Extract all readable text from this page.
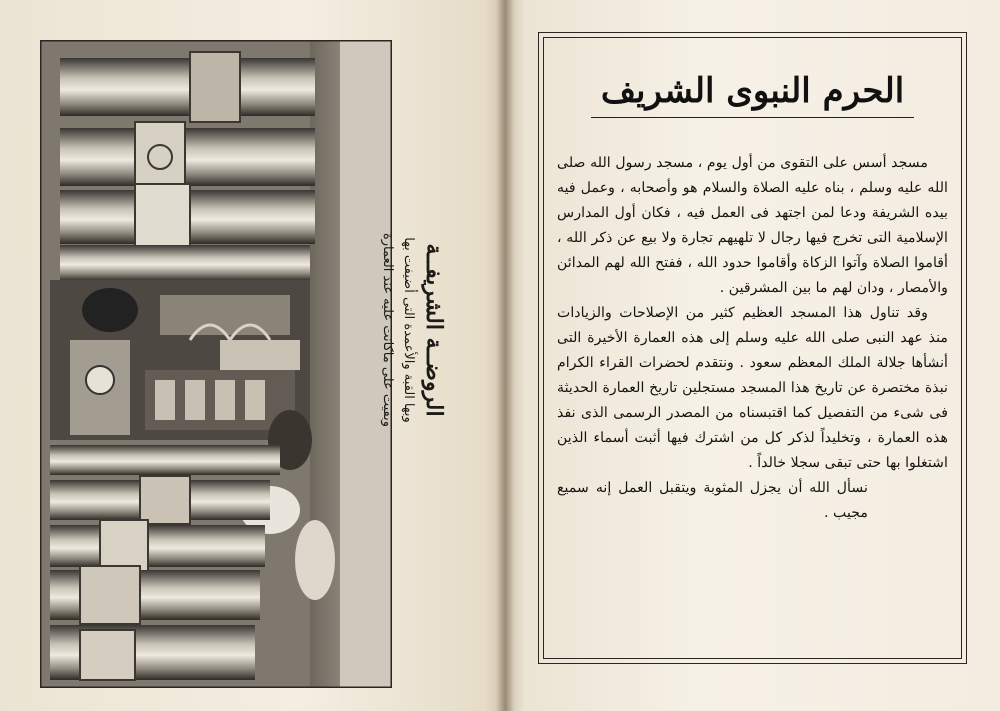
الروضــة الشريفــة
وبها القبة والأعمدة التى أضيفت بها
وبقيت على ماكانت عليه عند العمارة
الحرم النبوى الشريف

مسجد أسس على التقوى من أول يوم ، مسجد رسول الله صلى الله عليه وسلم ، بناه عليه الصلاة والسلام هو وأصحابه ، وعمل فيه بيده الشريفة ودعا لمن اجتهد فى العمل فيه ، فكان أول المدارس الإسلامية التى تخرج فيها رجال لا تلهيهم تجارة ولا بيع عن ذكر الله ، أقاموا الصلاة وآتوا الزكاة وأقاموا حدود الله ، ففتح الله لهم المدائن والأمصار ، ودان لهم ما بين المشرقين .

وقد تناول هذا المسجد العظيم كثير من الإصلاحات والزيادات منذ عهد النبى صلى الله عليه وسلم إلى هذه العمارة الأخيرة التى أنشأها جلالة الملك المعظم سعود . ونتقدم لحضرات القراء الكرام نبذة مختصرة عن تاريخ هذا المسجد مستجلين تاريخ العمارة الحديثة فى شىء من التفصيل كما اقتبسناه من المصدر الرسمى الذى نفذ هذه العمارة ، وتخليداً لذكر كل من اشترك فيها أثبت أسماء الذين اشتغلوا بها حتى تبقى سجلا خالداً .

نسأل الله أن يجزل المثوبة ويتقبل العمل إنه سميع مجيب .
